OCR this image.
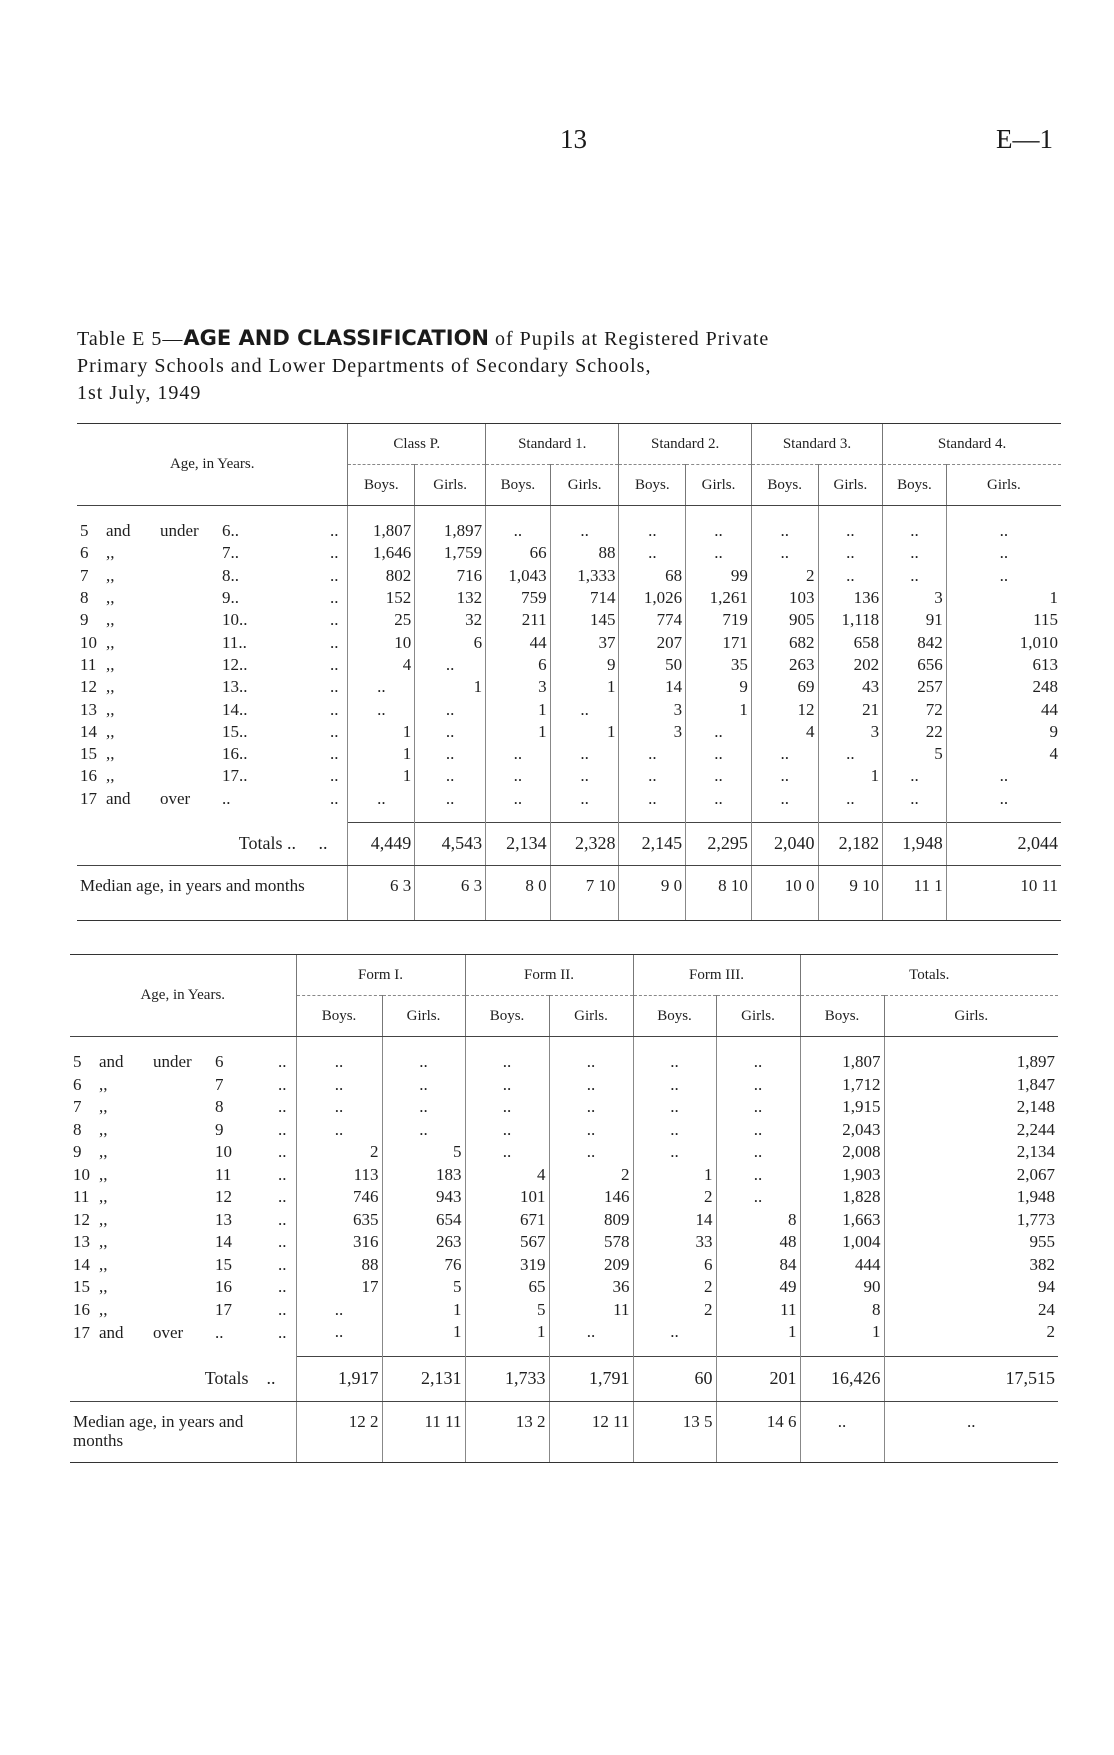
13	E—1
Table E 5—AGE AND CLASSIFICATION of Pupils at Registered Private
Primary Schools and Lower Departments of Secondary Schools,
1st July, 1949
Age, in Years.	Class P.		Standard 1.		Standard 2.		Standard 3.		Standard 4.	
	Boys.	Girls.	Boys.	Girls.	Boys.	Girls.	Boys.	Girls.	Boys.	Girls.
5 and under 6.. ..	1,807	1,897	..	..	..	..	..	..	..	..
6 ,, 7.. ..	1,646	1,759	66	88	..	..	..	..	..	..
7 ,, 8.. ..	802	716	1,043	1,333	68	99	2	..	..	..
8 ,, 9.. ..	152	132	759	714	1,026	1,261	103	136	3	1
9 ,, 10.. ..	25	32	211	145	774	719	905	1,118	91	115
10 ,, 11.. ..	10	6	44	37	207	171	682	658	842	1,010
11 ,, 12.. ..	4	..	6	9	50	35	263	202	656	613
12 ,, 13.. ..	..	1	3	1	14	9	69	43	257	248
13 ,, 14.. ..	..	..	1	..	3	1	12	21	72	44
14 ,, 15.. ..	1	..	1	1	3	..	4	3	22	9
15 ,, 16.. ..	1	..	..	..	..	..	..	..	5	4
16 ,, 17.. ..	1	..	..	..	..	..	..	1	..	..
17 and over .. ..	..	..	..	..	..	..	..	..	..	..
Totals .. ..	4,449	4,543	2,134	2,328	2,145	2,295	2,040	2,182	1,948	2,044
Median age, in years and months	6 3	6 3	8 0	7 10	9 0	8 10	10 0	9 10	11 1	10 11
Age, in Years.	Form I.		Form II.		Form III.		Totals.	
	Boys.	Girls.	Boys.	Girls.	Boys.	Girls.	Boys.	Girls.
5 and under 6 ..	..	..	..	..	..	..	1,807	1,897
6 ,, 7 ..	..	..	..	..	..	..	1,712	1,847
7 ,, 8 ..	..	..	..	..	..	..	1,915	2,148
8 ,, 9 ..	..	..	..	..	..	..	2,043	2,244
9 ,, 10 ..	2	5	..	..	..	..	2,008	2,134
10 ,, 11 ..	113	183	4	2	1	..	1,903	2,067
11 ,, 12 ..	746	943	101	146	2	..	1,828	1,948
12 ,, 13 ..	635	654	671	809	14	8	1,663	1,773
13 ,, 14 ..	316	263	567	578	33	48	1,004	955
14 ,, 15 ..	88	76	319	209	6	84	444	382
15 ,, 16 ..	17	5	65	36	2	49	90	94
16 ,, 17 ..	..	1	5	11	2	11	8	24
17 and over .. ..	..	1	1	..	..	1	1	2
Totals ..	1,917	2,131	1,733	1,791	60	201	16,426	17,515
Median age, in years and months	12 2	11 11	13 2	12 11	13 5	14 6	..	..
